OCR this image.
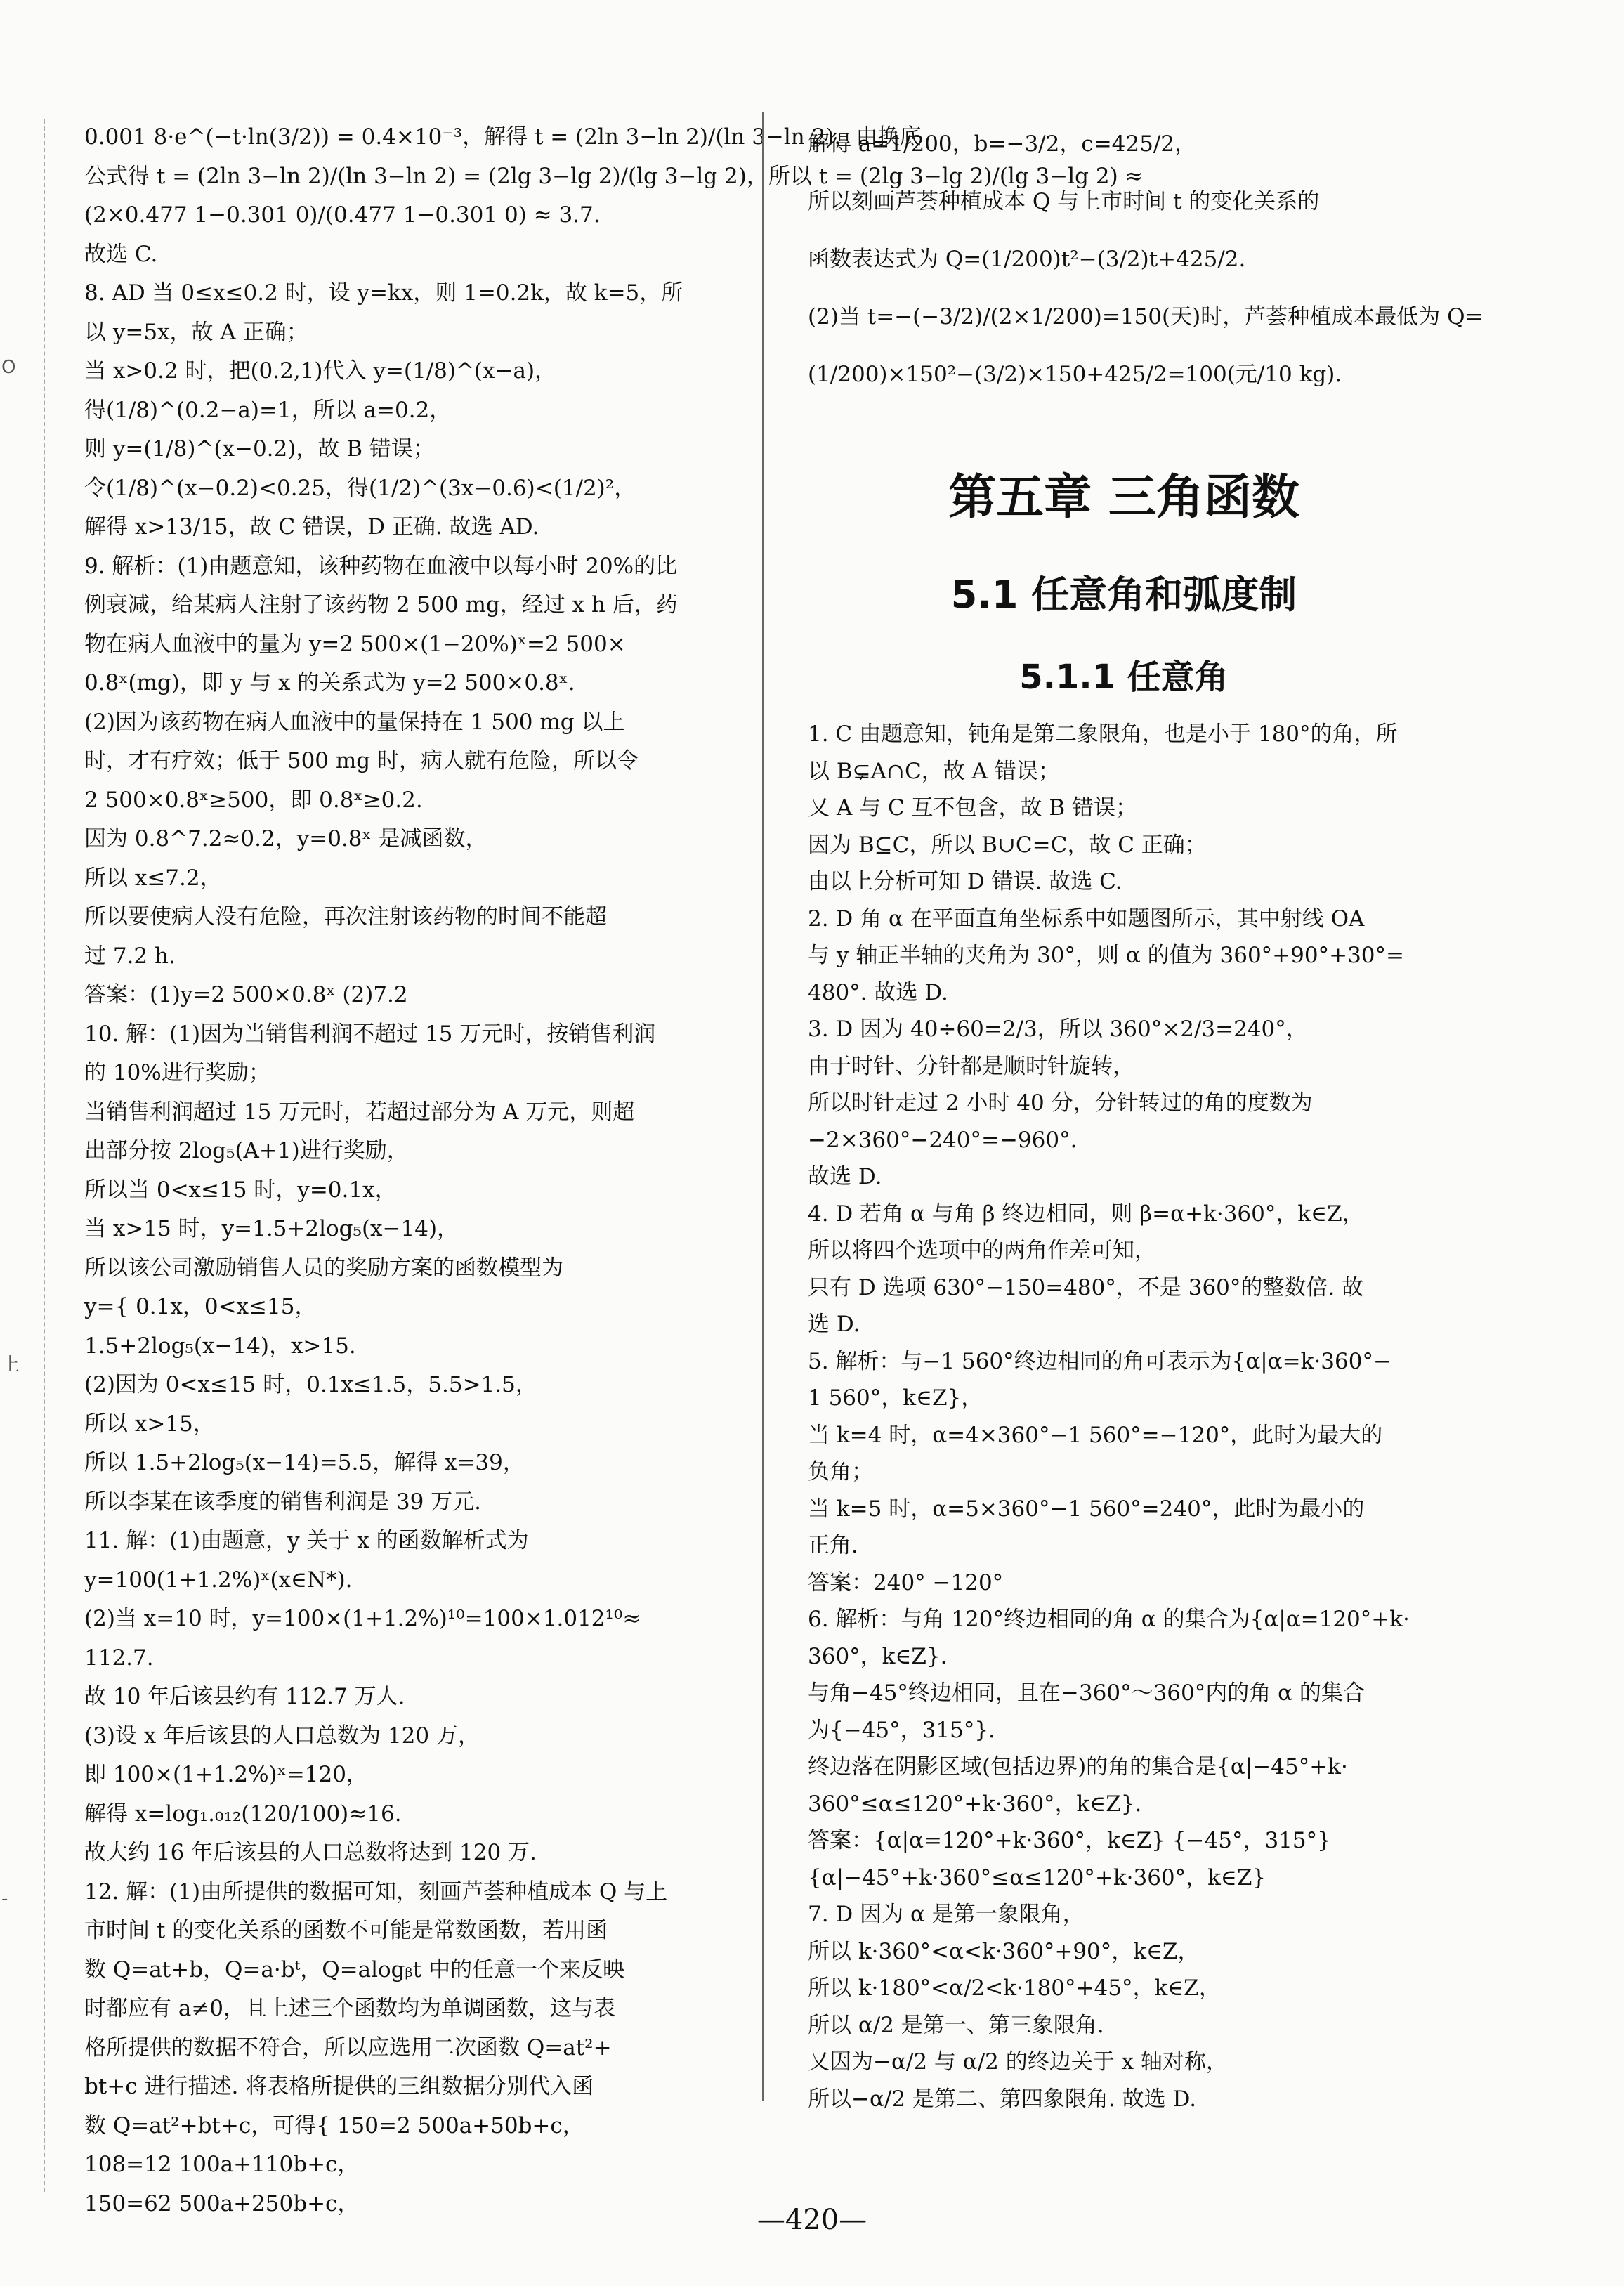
O
上
-
0.001 8·e^(−t·ln(3/2)) = 0.4×10⁻³，解得 t = (2ln 3−ln 2)/(ln 3−ln 2)，由换底
公式得 t = (2ln 3−ln 2)/(ln 3−ln 2) = (2lg 3−lg 2)/(lg 3−lg 2)，所以 t = (2lg 3−lg 2)/(lg 3−lg 2) ≈
(2×0.477 1−0.301 0)/(0.477 1−0.301 0) ≈ 3.7.
故选 C.
8. AD 当 0≤x≤0.2 时，设 y=kx，则 1=0.2k，故 k=5，所
以 y=5x，故 A 正确；
当 x>0.2 时，把(0.2,1)代入 y=(1/8)^(x−a)，
得(1/8)^(0.2−a)=1，所以 a=0.2，
则 y=(1/8)^(x−0.2)，故 B 错误；
令(1/8)^(x−0.2)<0.25，得(1/2)^(3x−0.6)<(1/2)²，
解得 x>13/15，故 C 错误，D 正确. 故选 AD.
9. 解析：(1)由题意知，该种药物在血液中以每小时 20%的比
例衰减，给某病人注射了该药物 2 500 mg，经过 x h 后，药
物在病人血液中的量为 y=2 500×(1−20%)ˣ=2 500×
0.8ˣ(mg)，即 y 与 x 的关系式为 y=2 500×0.8ˣ.
(2)因为该药物在病人血液中的量保持在 1 500 mg 以上
时，才有疗效；低于 500 mg 时，病人就有危险，所以令
2 500×0.8ˣ≥500，即 0.8ˣ≥0.2.
因为 0.8^7.2≈0.2，y=0.8ˣ 是减函数，
所以 x≤7.2，
所以要使病人没有危险，再次注射该药物的时间不能超
过 7.2 h.
答案：(1)y=2 500×0.8ˣ (2)7.2
10. 解：(1)因为当销售利润不超过 15 万元时，按销售利润
的 10%进行奖励；
当销售利润超过 15 万元时，若超过部分为 A 万元，则超
出部分按 2log₅(A+1)进行奖励，
所以当 0<x≤15 时，y=0.1x，
当 x>15 时，y=1.5+2log₅(x−14)，
所以该公司激励销售人员的奖励方案的函数模型为
y={ 0.1x，0<x≤15，
1.5+2log₅(x−14)，x>15.
(2)因为 0<x≤15 时，0.1x≤1.5，5.5>1.5，
所以 x>15，
所以 1.5+2log₅(x−14)=5.5，解得 x=39，
所以李某在该季度的销售利润是 39 万元.
11. 解：(1)由题意，y 关于 x 的函数解析式为
y=100(1+1.2%)ˣ(x∈N*).
(2)当 x=10 时，y=100×(1+1.2%)¹⁰=100×1.012¹⁰≈
112.7.
故 10 年后该县约有 112.7 万人.
(3)设 x 年后该县的人口总数为 120 万，
即 100×(1+1.2%)ˣ=120，
解得 x=log₁.₀₁₂(120/100)≈16.
故大约 16 年后该县的人口总数将达到 120 万.
12. 解：(1)由所提供的数据可知，刻画芦荟种植成本 Q 与上
市时间 t 的变化关系的函数不可能是常数函数，若用函
数 Q=at+b，Q=a·bᵗ，Q=alogᵦt 中的任意一个来反映
时都应有 a≠0，且上述三个函数均为单调函数，这与表
格所提供的数据不符合，所以应选用二次函数 Q=at²+
bt+c 进行描述. 将表格所提供的三组数据分别代入函
数 Q=at²+bt+c，可得{ 150=2 500a+50b+c，
108=12 100a+110b+c，
150=62 500a+250b+c，
解得 a=1/200，b=−3/2，c=425/2，
所以刻画芦荟种植成本 Q 与上市时间 t 的变化关系的
函数表达式为 Q=(1/200)t²−(3/2)t+425/2.
(2)当 t=−(−3/2)/(2×1/200)=150(天)时，芦荟种植成本最低为 Q=
(1/200)×150²−(3/2)×150+425/2=100(元/10 kg).
第五章 三角函数
5.1 任意角和弧度制
5.1.1 任意角
1. C 由题意知，钝角是第二象限角，也是小于 180°的角，所
以 B⊊A∩C，故 A 错误；
又 A 与 C 互不包含，故 B 错误；
因为 B⊆C，所以 B∪C=C，故 C 正确；
由以上分析可知 D 错误. 故选 C.
2. D 角 α 在平面直角坐标系中如题图所示，其中射线 OA
与 y 轴正半轴的夹角为 30°，则 α 的值为 360°+90°+30°=
480°. 故选 D.
3. D 因为 40÷60=2/3，所以 360°×2/3=240°，
由于时针、分针都是顺时针旋转，
所以时针走过 2 小时 40 分，分针转过的角的度数为
−2×360°−240°=−960°.
故选 D.
4. D 若角 α 与角 β 终边相同，则 β=α+k·360°，k∈Z，
所以将四个选项中的两角作差可知，
只有 D 选项 630°−150=480°，不是 360°的整数倍. 故
选 D.
5. 解析：与−1 560°终边相同的角可表示为{α|α=k·360°−
1 560°，k∈Z}，
当 k=4 时，α=4×360°−1 560°=−120°，此时为最大的
负角；
当 k=5 时，α=5×360°−1 560°=240°，此时为最小的
正角.
答案：240° −120°
6. 解析：与角 120°终边相同的角 α 的集合为{α|α=120°+k·
360°，k∈Z}.
与角−45°终边相同，且在−360°～360°内的角 α 的集合
为{−45°，315°}.
终边落在阴影区域(包括边界)的角的集合是{α|−45°+k·
360°≤α≤120°+k·360°，k∈Z}.
答案：{α|α=120°+k·360°，k∈Z} {−45°，315°}
{α|−45°+k·360°≤α≤120°+k·360°，k∈Z}
7. D 因为 α 是第一象限角，
所以 k·360°<α<k·360°+90°，k∈Z，
所以 k·180°<α/2<k·180°+45°，k∈Z，
所以 α/2 是第一、第三象限角.
又因为−α/2 与 α/2 的终边关于 x 轴对称，
所以−α/2 是第二、第四象限角. 故选 D.
—420—
